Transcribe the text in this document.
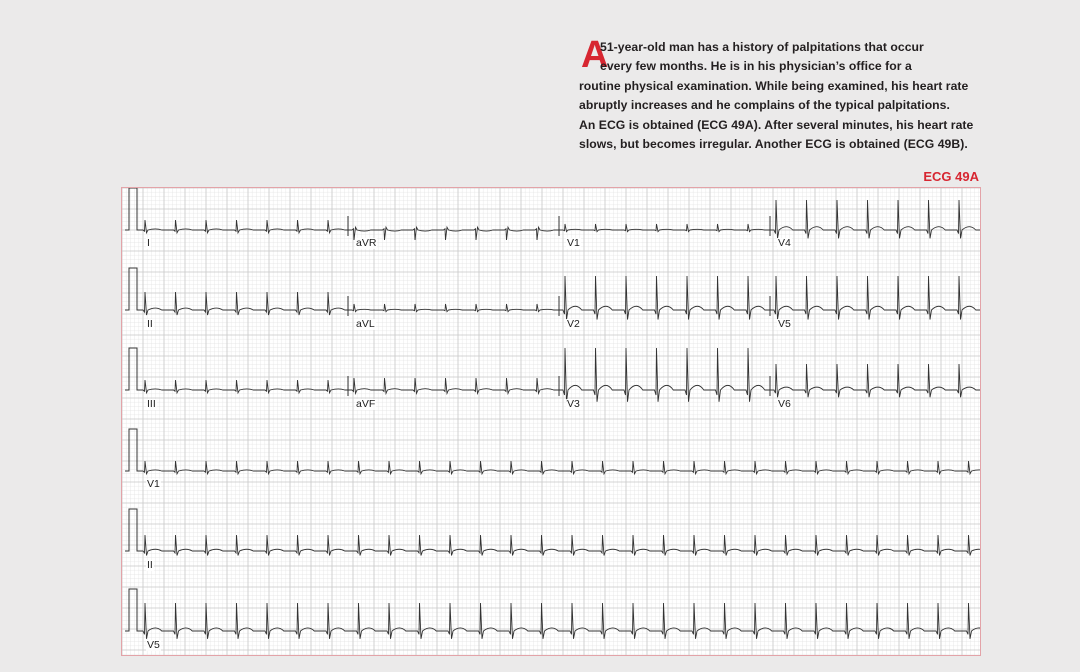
A
51-year-old man has a history of palpitations that occur
every few months. He is in his physician’s office for a
routine physical examination. While being examined, his heart rate
abruptly increases and he complains of the typical palpitations.
An ECG is obtained (ECG 49A). After several minutes, his heart rate
slows, but becomes irregular. Another ECG is obtained (ECG 49B).
ECG 49A
I	aVR	V1	V4
II	aVL	V2	V5
III	aVF	V3	V6
V1
II
V5
